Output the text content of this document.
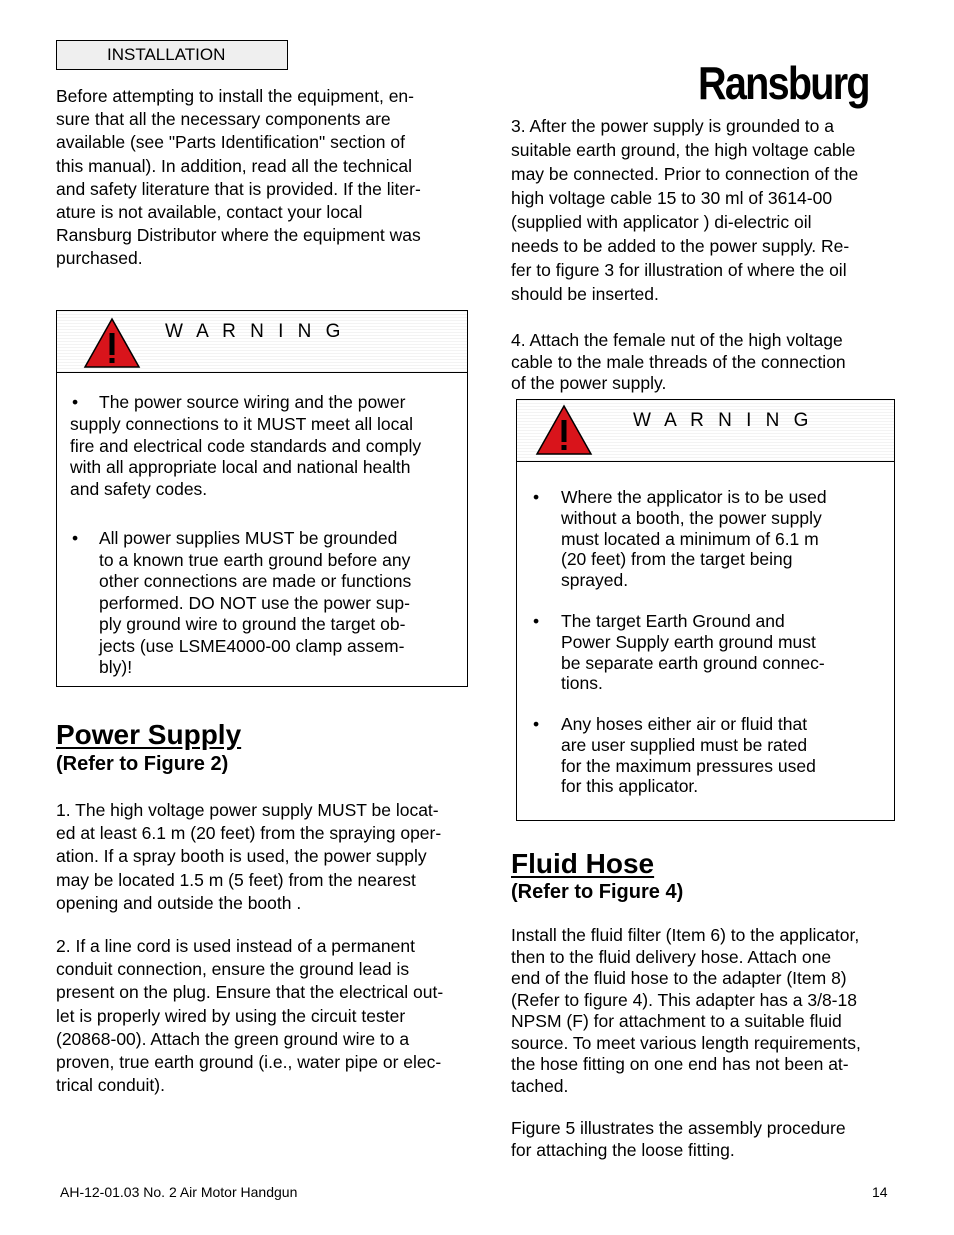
INSTALLATION
Ransburg

Before attempting to install the equipment, en-

sure that all the necessary components are

available (see "Parts Identification" section of

this manual). In addition, read all the technical

and safety literature that is provided. If the liter-

ature is not available, contact your local

Ransburg Distributor where the equipment was

purchased.

W A R N I N G
• The power source wiring and the power
supply connections to it MUST meet all local
fire and electrical code standards and comply
with all appropriate local and national health
and safety codes.
• All power supplies MUST be grounded
to a known true earth ground before any
other connections are made or functions
performed. DO NOT use the power sup-
ply ground wire to ground the target ob-
jects (use LSME4000-00 clamp assem-
bly)!
Power Supply
(Refer to Figure 2)

1. The high voltage power supply MUST be locat-

ed at least 6.1 m (20 feet) from the spraying oper-

ation. If a spray booth is used, the power supply

may be located 1.5 m (5 feet) from the nearest

opening and outside the booth .

2. If a line cord is used instead of a permanent

conduit connection, ensure the ground lead is

present on the plug. Ensure that the electrical out-

let is properly wired by using the circuit tester

(20868-00). Attach the green ground wire to a

proven, true earth ground (i.e., water pipe or elec-

trical conduit).

3. After the power supply is grounded to a

suitable earth ground, the high voltage cable

may be connected. Prior to connection of the

high voltage cable 15 to 30 ml of 3614-00

(supplied with applicator ) di-electric oil

needs to be added to the power supply. Re-

fer to figure 3 for illustration of where the oil

should be inserted.

4. Attach the female nut of the high voltage

cable to the male threads of the connection

of the power supply.

W A R N I N G
• Where the applicator is to be used
without a booth, the power supply
must located a minimum of 6.1 m
(20 feet) from the target being
sprayed.
• The target Earth Ground and
Power Supply earth ground must
be separate earth ground connec-
tions.
• Any hoses either air or fluid that
are user supplied must be rated
for the maximum pressures used
for this applicator.
Fluid Hose
(Refer to Figure 4)

Install the fluid filter (Item 6) to the applicator,

then to the fluid delivery hose. Attach one

end of the fluid hose to the adapter (Item 8)

(Refer to figure 4). This adapter has a 3/8-18

NPSM (F) for attachment to a suitable fluid

source. To meet various length requirements,

the hose fitting on one end has not been at-

tached.

Figure 5 illustrates the assembly procedure

for attaching the loose fitting.

AH-12-01.03 No. 2 Air Motor Handgun	14
